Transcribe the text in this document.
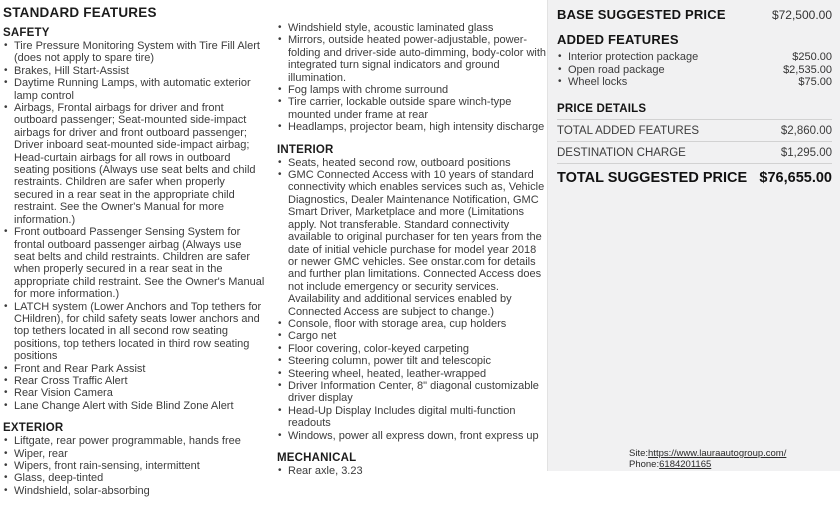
STANDARD FEATURES
SAFETY
• Tire Pressure Monitoring System with Tire Fill Alert (does not apply to spare tire)
• Brakes, Hill Start-Assist
• Daytime Running Lamps, with automatic exterior lamp control
• Airbags, Frontal airbags for driver and front outboard passenger; Seat-mounted side-impact airbags for driver and front outboard passenger; Driver inboard seat-mounted side-impact airbag; Head-curtain airbags for all rows in outboard seating positions (Always use seat belts and child restraints. Children are safer when properly secured in a rear seat in the appropriate child restraint. See the Owner's Manual for more information.)
• Front outboard Passenger Sensing System for frontal outboard passenger airbag (Always use seat belts and child restraints. Children are safer when properly secured in a rear seat in the appropriate child restraint. See the Owner's Manual for more information.)
• LATCH system (Lower Anchors and Top tethers for CHildren), for child safety seats lower anchors and top tethers located in all second row seating positions, top tethers located in third row seating positions
• Front and Rear Park Assist
• Rear Cross Traffic Alert
• Rear Vision Camera
• Lane Change Alert with Side Blind Zone Alert
EXTERIOR
• Liftgate, rear power programmable, hands free
• Wiper, rear
• Wipers, front rain-sensing, intermittent
• Glass, deep-tinted
• Windshield, solar-absorbing
• Windshield style, acoustic laminated glass
• Mirrors, outside heated power-adjustable, power-folding and driver-side auto-dimming, body-color with integrated turn signal indicators and ground illumination.
• Fog lamps with chrome surround
• Tire carrier, lockable outside spare winch-type mounted under frame at rear
• Headlamps, projector beam, high intensity discharge
INTERIOR
• Seats, heated second row, outboard positions
• GMC Connected Access with 10 years of standard connectivity which enables services such as, Vehicle Diagnostics, Dealer Maintenance Notification, GMC Smart Driver, Marketplace and more (Limitations apply. Not transferable. Standard connectivity available to original purchaser for ten years from the date of initial vehicle purchase for model year 2018 or newer GMC vehicles. See onstar.com for details and further plan limitations. Connected Access does not include emergency or security services. Availability and additional services enabled by Connected Access are subject to change.)
• Console, floor with storage area, cup holders
• Cargo net
• Floor covering, color-keyed carpeting
• Steering column, power tilt and telescopic
• Steering wheel, heated, leather-wrapped
• Driver Information Center, 8" diagonal customizable driver display
• Head-Up Display Includes digital multi-function readouts
• Windows, power all express down, front express up
MECHANICAL
• Rear axle, 3.23
BASE SUGGESTED PRICE	$72,500.00
ADDED FEATURES
• Interior protection package	$250.00
• Open road package	$2,535.00
• Wheel locks	$75.00
PRICE DETAILS
TOTAL ADDED FEATURES	$2,860.00
DESTINATION CHARGE	$1,295.00
TOTAL SUGGESTED PRICE $76,655.00
Site:https://www.lauraautogroup.com/
Phone:6184201165
